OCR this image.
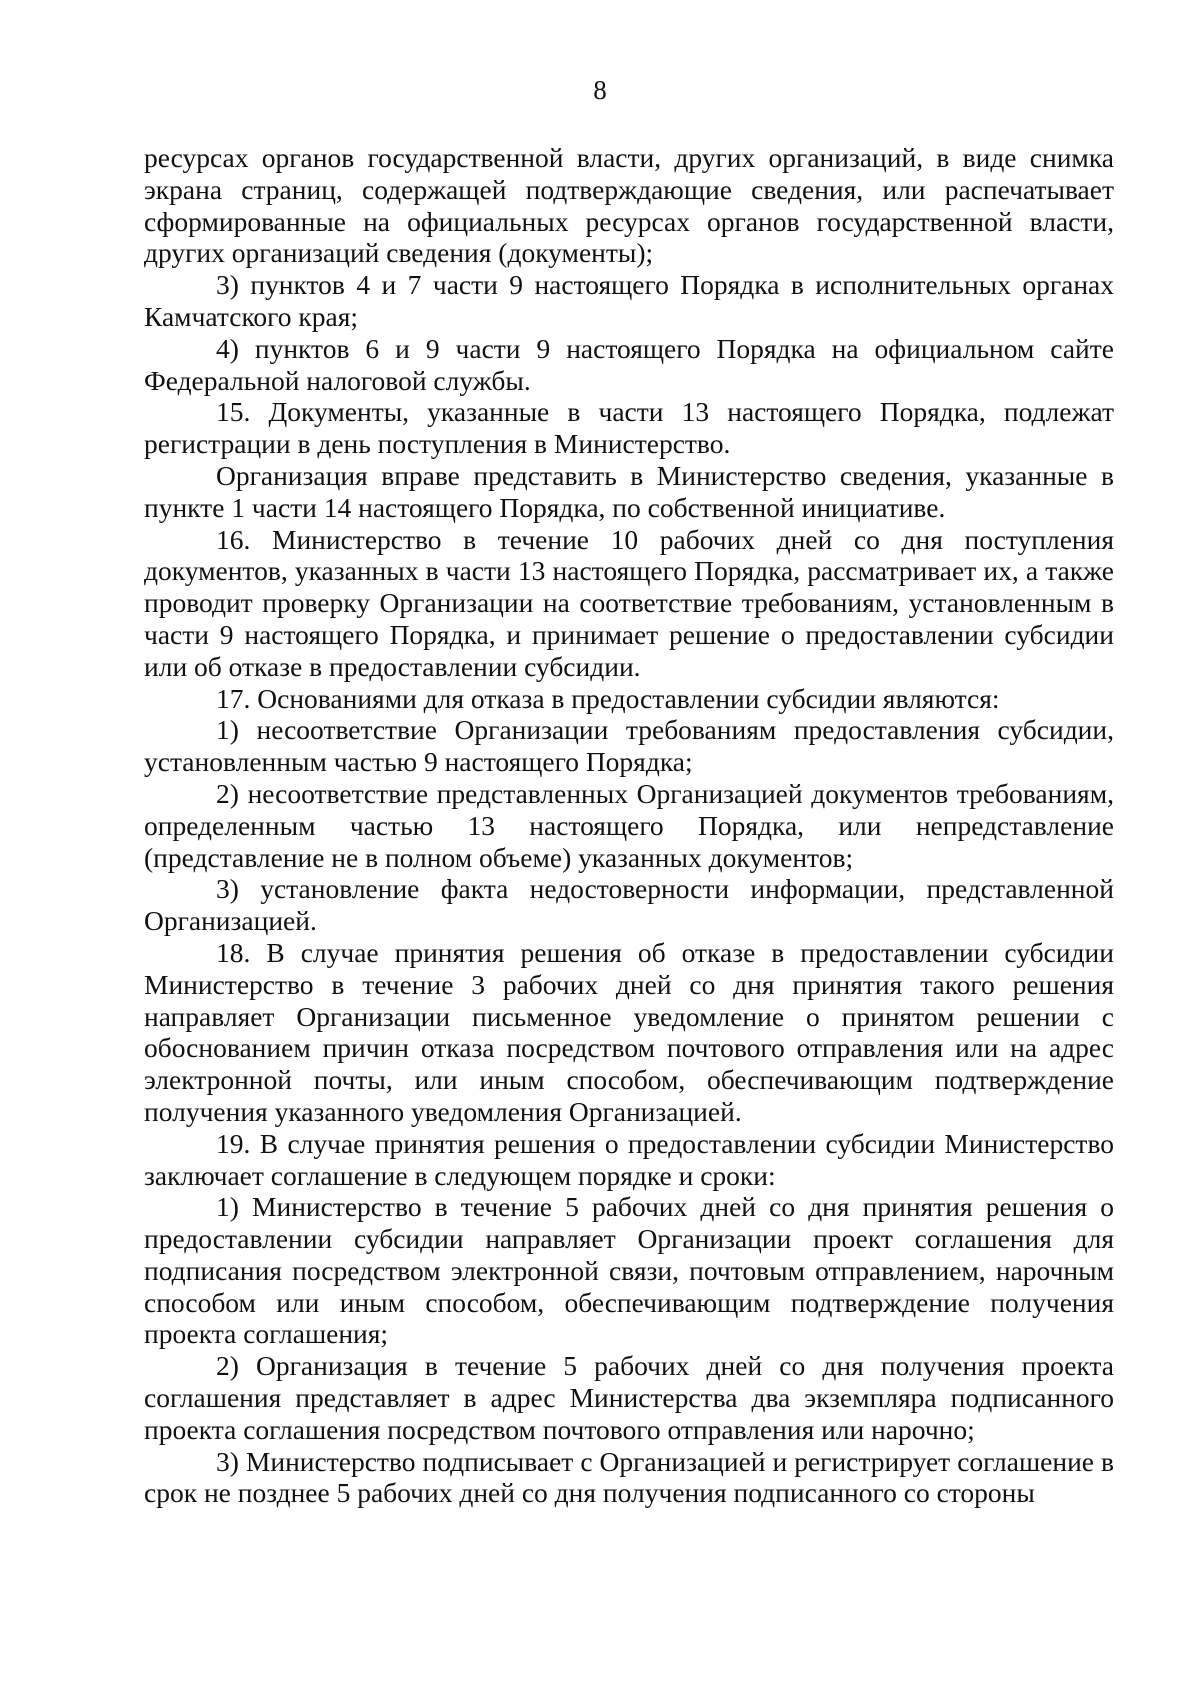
8

ресурсах органов государственной власти, других организаций, в виде снимка экрана страниц, содержащей подтверждающие сведения, или распечатывает сформированные на официальных ресурсах органов государственной власти, других организаций сведения (документы);

3) пунктов 4 и 7 части 9 настоящего Порядка в исполнительных органах Камчатского края;

4) пунктов 6 и 9 части 9 настоящего Порядка на официальном сайте Федеральной налоговой службы.

15. Документы, указанные в части 13 настоящего Порядка, подлежат регистрации в день поступления в Министерство.

Организация вправе представить в Министерство сведения, указанные в пункте 1 части 14 настоящего Порядка, по собственной инициативе.

16. Министерство в течение 10 рабочих дней со дня поступления документов, указанных в части 13 настоящего Порядка, рассматривает их, а также проводит проверку Организации на соответствие требованиям, установленным в части 9 настоящего Порядка, и принимает решение о предоставлении субсидии или об отказе в предоставлении субсидии.

17. Основаниями для отказа в предоставлении субсидии являются:

1) несоответствие Организации требованиям предоставления субсидии, установленным частью 9 настоящего Порядка;

2) несоответствие представленных Организацией документов требованиям, определенным частью 13 настоящего Порядка, или непредставление (представление не в полном объеме) указанных документов;

3) установление факта недостоверности информации, представленной Организацией.

18. В случае принятия решения об отказе в предоставлении субсидии Министерство в течение 3 рабочих дней со дня принятия такого решения направляет Организации письменное уведомление о принятом решении с обоснованием причин отказа посредством почтового отправления или на адрес электронной почты, или иным способом, обеспечивающим подтверждение получения указанного уведомления Организацией.

19. В случае принятия решения о предоставлении субсидии Министерство заключает соглашение в следующем порядке и сроки:

1) Министерство в течение 5 рабочих дней со дня принятия решения о предоставлении субсидии направляет Организации проект соглашения для подписания посредством электронной связи, почтовым отправлением, нарочным способом или иным способом, обеспечивающим подтверждение получения проекта соглашения;

2) Организация в течение 5 рабочих дней со дня получения проекта соглашения представляет в адрес Министерства два экземпляра подписанного проекта соглашения посредством почтового отправления или нарочно;

3) Министерство подписывает с Организацией и регистрирует соглашение в срок не позднее 5 рабочих дней со дня получения подписанного со стороны
